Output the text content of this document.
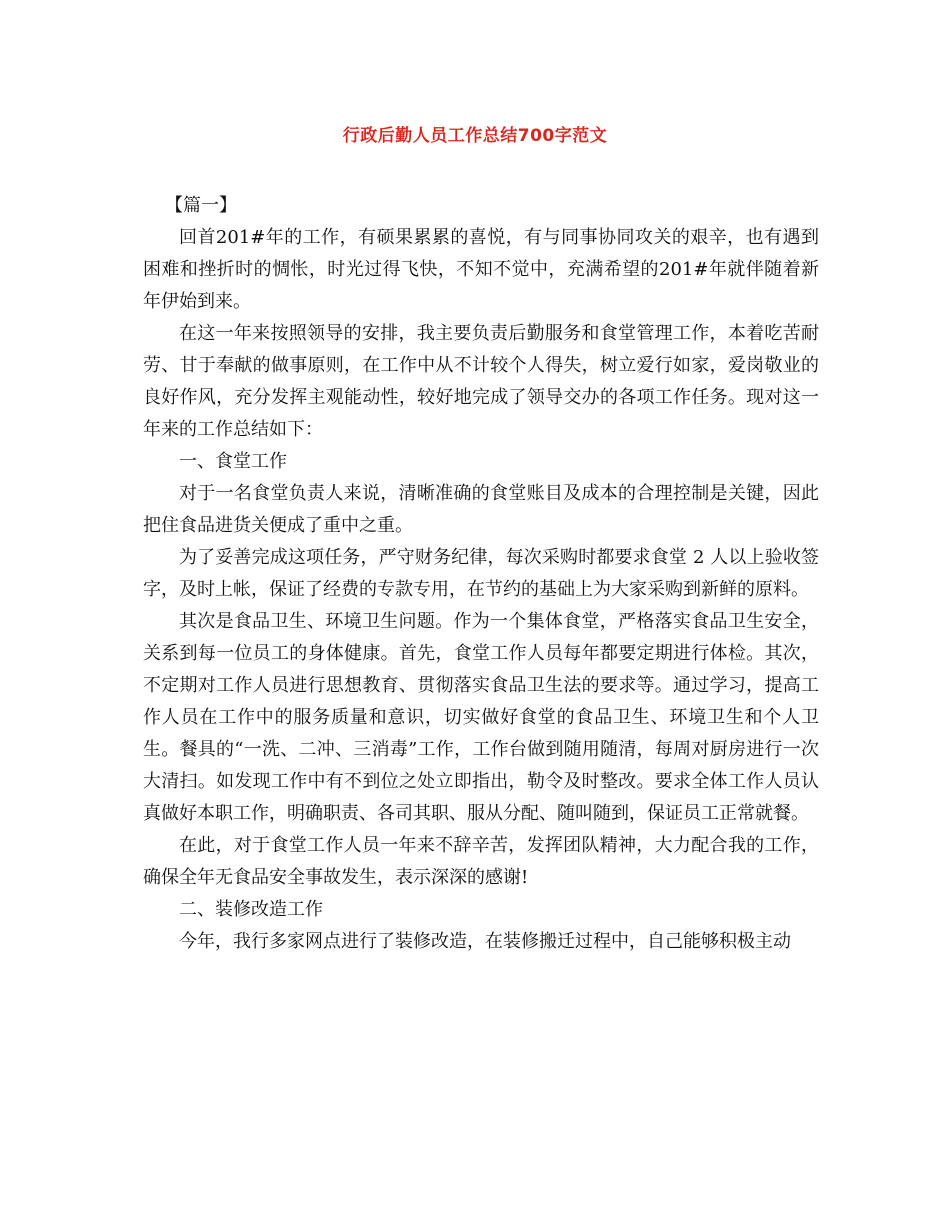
行政后勤人员工作总结700字范文

【篇一】

回首201#年的工作，有硕果累累的喜悦，有与同事协同攻关的艰辛，也有遇到困难和挫折时的惆怅，时光过得飞快，不知不觉中，充满希望的201#年就伴随着新年伊始到来。

在这一年来按照领导的安排，我主要负责后勤服务和食堂管理工作，本着吃苦耐劳、甘于奉献的做事原则，在工作中从不计较个人得失，树立爱行如家，爱岗敬业的良好作风，充分发挥主观能动性，较好地完成了领导交办的各项工作任务。现对这一年来的工作总结如下：

一、食堂工作

对于一名食堂负责人来说，清晰准确的食堂账目及成本的合理控制是关键，因此把住食品进货关便成了重中之重。

为了妥善完成这项任务，严守财务纪律，每次采购时都要求食堂 2 人以上验收签字，及时上帐，保证了经费的专款专用，在节约的基础上为大家采购到新鲜的原料。

其次是食品卫生、环境卫生问题。作为一个集体食堂，严格落实食品卫生安全，关系到每一位员工的身体健康。首先，食堂工作人员每年都要定期进行体检。其次，不定期对工作人员进行思想教育、贯彻落实食品卫生法的要求等。通过学习，提高工作人员在工作中的服务质量和意识，切实做好食堂的食品卫生、环境卫生和个人卫生。餐具的“一洗、二冲、三消毒”工作，工作台做到随用随清，每周对厨房进行一次大清扫。如发现工作中有不到位之处立即指出，勒令及时整改。要求全体工作人员认真做好本职工作，明确职责、各司其职、服从分配、随叫随到，保证员工正常就餐。

在此，对于食堂工作人员一年来不辞辛苦，发挥团队精神，大力配合我的工作，确保全年无食品安全事故发生，表示深深的感谢!

二、装修改造工作

今年，我行多家网点进行了装修改造，在装修搬迁过程中，自己能够积极主动
